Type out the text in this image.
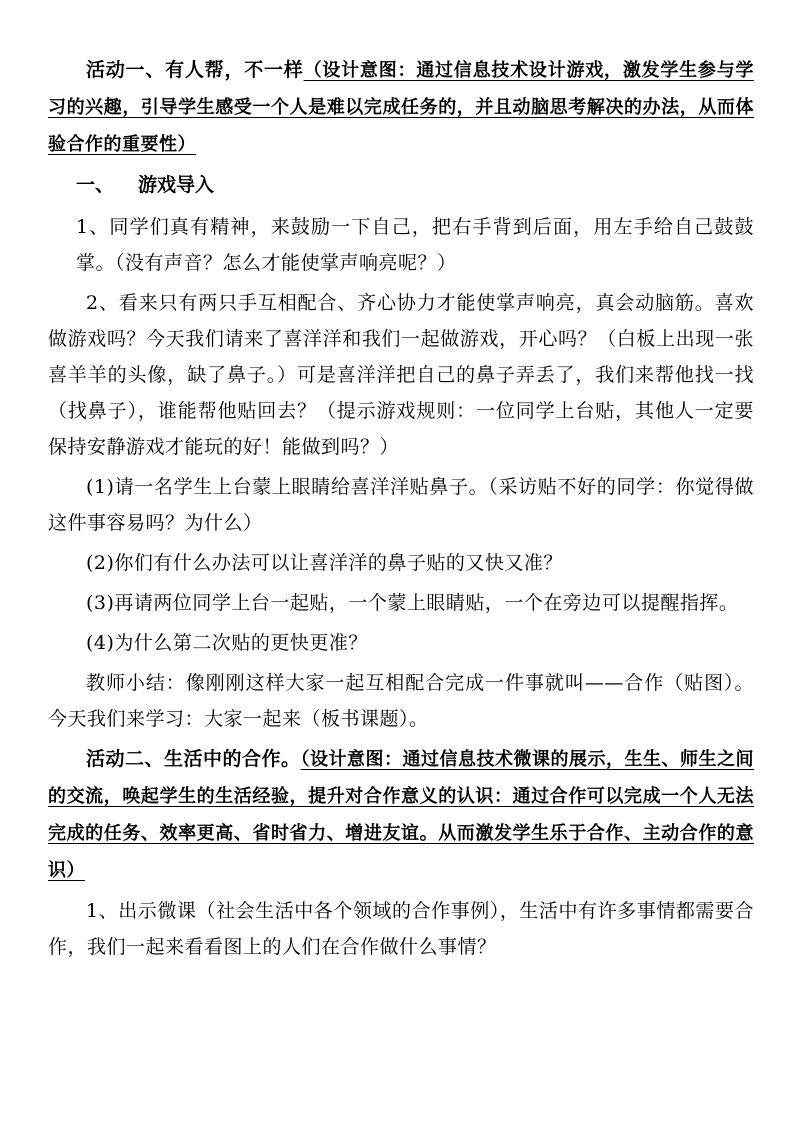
活动一、有人帮，不一样（设计意图：通过信息技术设计游戏，激发学生参与学习的兴趣，引导学生感受一个人是难以完成任务的，并且动脑思考解决的办法，从而体验合作的重要性）

一、 游戏导入

1、同学们真有精神，来鼓励一下自己，把右手背到后面，用左手给自己鼓鼓掌。（没有声音？怎么才能使掌声响亮呢？）

2、看来只有两只手互相配合、齐心协力才能使掌声响亮，真会动脑筋。喜欢做游戏吗？今天我们请来了喜洋洋和我们一起做游戏，开心吗？（白板上出现一张喜羊羊的头像，缺了鼻子。）可是喜洋洋把自己的鼻子弄丢了，我们来帮他找一找（找鼻子），谁能帮他贴回去？（提示游戏规则：一位同学上台贴，其他人一定要保持安静游戏才能玩的好！能做到吗？）

(1)请一名学生上台蒙上眼睛给喜洋洋贴鼻子。（采访贴不好的同学：你觉得做这件事容易吗？为什么）

(2)你们有什么办法可以让喜洋洋的鼻子贴的又快又准？

(3)再请两位同学上台一起贴，一个蒙上眼睛贴，一个在旁边可以提醒指挥。

(4)为什么第二次贴的更快更准？

教师小结：像刚刚这样大家一起互相配合完成一件事就叫——合作（贴图）。今天我们来学习：大家一起来（板书课题）。

活动二、生活中的合作。（设计意图：通过信息技术微课的展示，生生、师生之间的交流，唤起学生的生活经验，提升对合作意义的认识：通过合作可以完成一个人无法完成的任务、效率更高、省时省力、增进友谊。从而激发学生乐于合作、主动合作的意识）

1、出示微课（社会生活中各个领域的合作事例），生活中有许多事情都需要合作，我们一起来看看图上的人们在合作做什么事情？
